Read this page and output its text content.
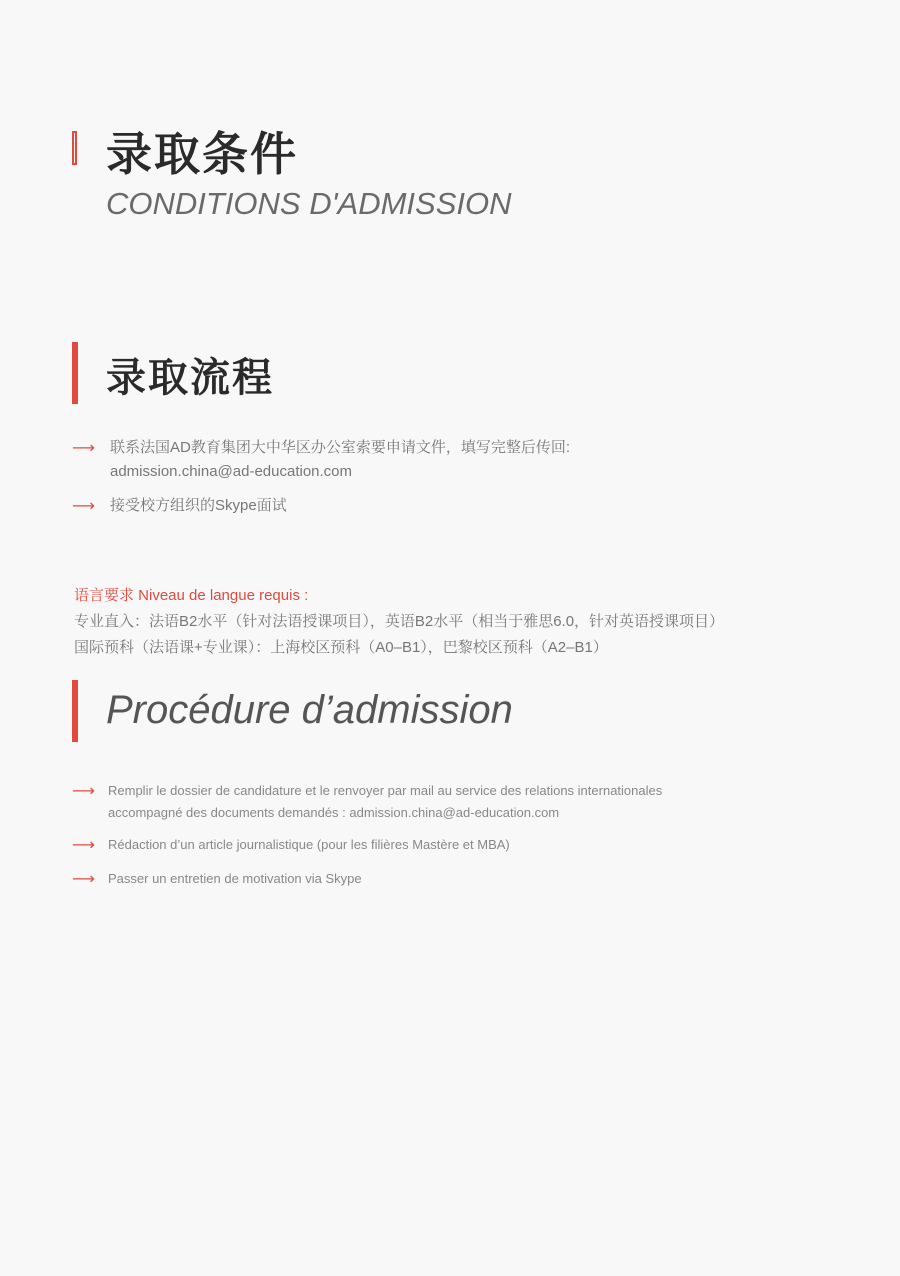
录取条件
CONDITIONS D'ADMISSION
录取流程
⟶	联系法国AD教育集团大中华区办公室索要申请文件，填写完整后传回:
admission.china@ad-education.com
⟶	接受校方组织的Skype面试
语言要求 Niveau de langue requis :
专业直入：法语B2水平（针对法语授课项目），英语B2水平（相当于雅思6.0，针对英语授课项目）
国际预科（法语课+专业课）：上海校区预科（A0–B1），巴黎校区预科（A2–B1）
Procédure d’admission
⟶	Remplir le dossier de candidature et le renvoyer par mail au service des relations internationales
accompagné des documents demandés : admission.china@ad-education.com
⟶	Rédaction d’un article journalistique (pour les filières Mastère et MBA)
⟶	Passer un entretien de motivation via Skype
